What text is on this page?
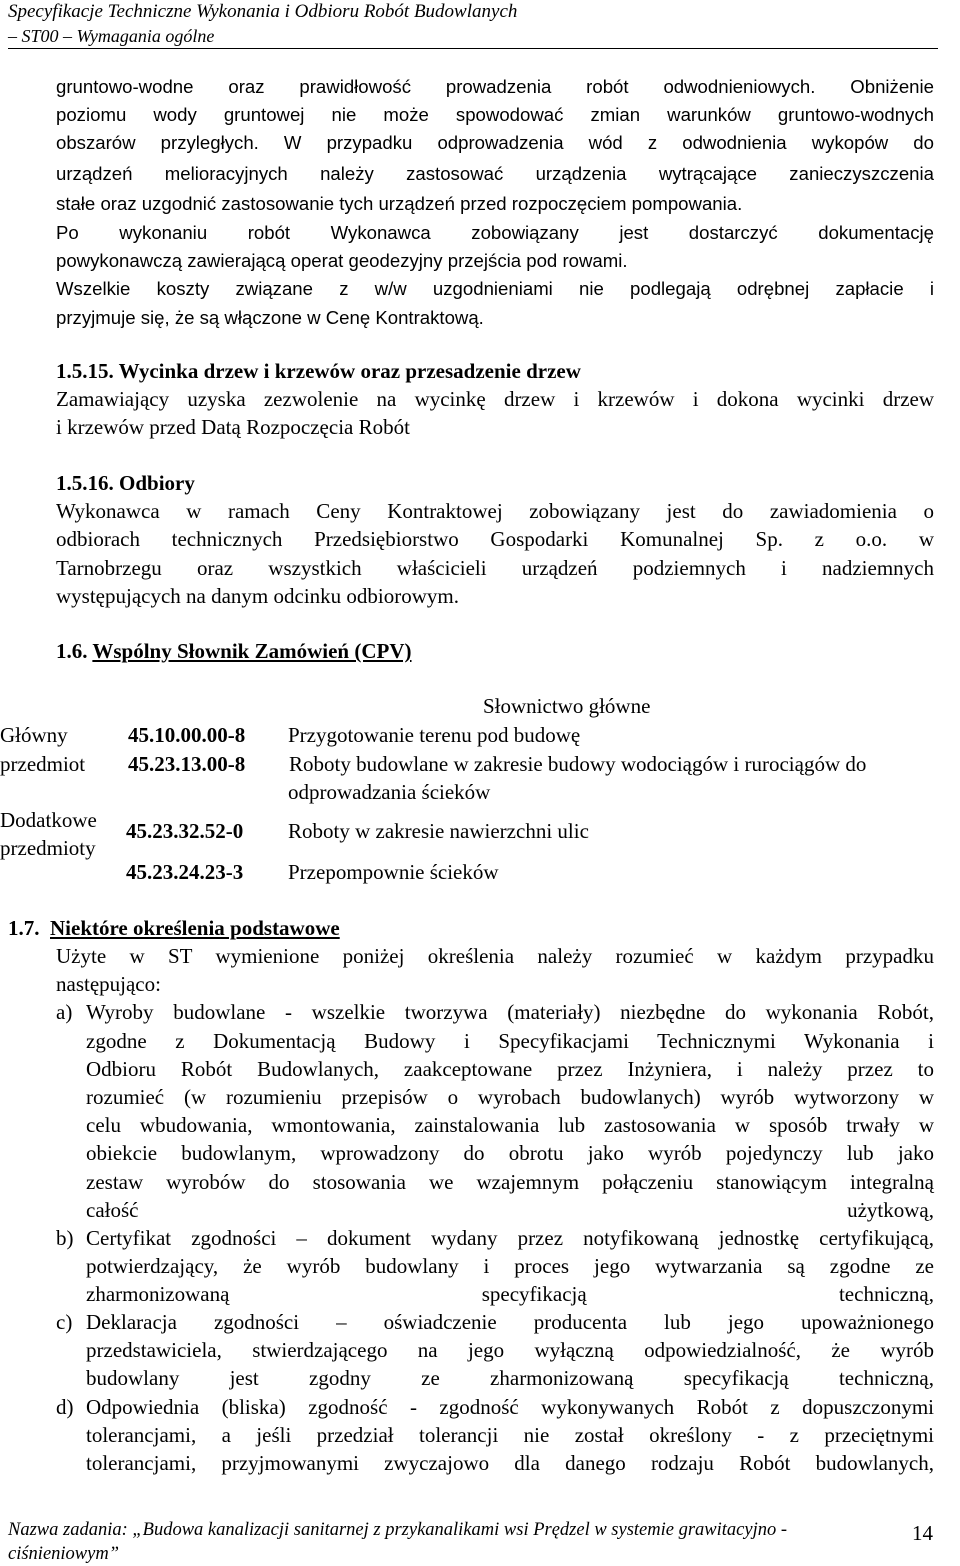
Specyfikacje Techniczne Wykonania i Odbioru Robót Budowlanych
– ST00 – Wymagania ogólne
gruntowo-wodne oraz prawidłowość prowadzenia robót odwodnieniowych. Obniżenie
poziomu wody gruntowej nie może spowodować zmian warunków gruntowo-wodnych
obszarów przyległych. W przypadku odprowadzenia wód z odwodnienia wykopów do
urządzeń melioracyjnych należy zastosować urządzenia wytrącające zanieczyszczenia
stałe oraz uzgodnić zastosowanie tych urządzeń przed rozpoczęciem pompowania.
Po wykonaniu robót Wykonawca zobowiązany jest dostarczyć dokumentację
powykonawczą zawierającą operat geodezyjny przejścia pod rowami.
Wszelkie koszty związane z w/w uzgodnieniami nie podlegają odrębnej zapłacie i
przyjmuje się, że są włączone w Cenę Kontraktową.
1.5.15. Wycinka drzew i krzewów oraz przesadzenie drzew
Zamawiający uzyska zezwolenie na wycinkę drzew i krzewów i dokona wycinki drzew
i krzewów przed Datą Rozpoczęcia Robót
1.5.16. Odbiory
Wykonawca w ramach Ceny Kontraktowej zobowiązany jest do zawiadomienia o
odbiorach technicznych Przedsiębiorstwo Gospodarki Komunalnej Sp. z o.o. w
Tarnobrzegu oraz wszystkich właścicieli urządzeń podziemnych i nadziemnych
występujących na danym odcinku odbiorowym.
1.6. Wspólny Słownik Zamówień (CPV)
Słownictwo główne
Główny	45.10.00.00-8 Przygotowanie terenu pod budowę
przedmiot 45.23.13.00-8 Roboty budowlane w zakresie budowy wodociągów i rurociągów do
odprowadzania ścieków
Dodatkowe
przedmioty
45.23.32.52-0 Roboty w zakresie nawierzchni ulic
45.23.24.23-3 Przepompownie ścieków
1.7. Niektóre określenia podstawowe
Użyte w ST wymienione poniżej określenia należy rozumieć w każdym przypadku
następująco:
a) Wyroby budowlane - wszelkie tworzywa (materiały) niezbędne do wykonania Robót,
zgodne z Dokumentacją Budowy i Specyfikacjami Technicznymi Wykonania i
Odbioru Robót Budowlanych, zaakceptowane przez Inżyniera, i należy przez to
rozumieć (w rozumieniu przepisów o wyrobach budowlanych) wyrób wytworzony w
celu wbudowania, wmontowania, zainstalowania lub zastosowania w sposób trwały w
obiekcie budowlanym, wprowadzony do obrotu jako wyrób pojedynczy lub jako
zestaw wyrobów do stosowania we wzajemnym połączeniu stanowiącym integralną
całość użytkową,
b) Certyfikat zgodności – dokument wydany przez notyfikowaną jednostkę certyfikującą,
potwierdzający, że wyrób budowlany i proces jego wytwarzania są zgodne ze
zharmonizowaną specyfikacją techniczną,
c) Deklaracja zgodności – oświadczenie producenta lub jego upoważnionego
przedstawiciela, stwierdzającego na jego wyłączną odpowiedzialność, że wyrób
budowlany jest zgodny ze zharmonizowaną specyfikacją techniczną,
d) Odpowiednia (bliska) zgodność - zgodność wykonywanych Robót z dopuszczonymi
tolerancjami, a jeśli przedział tolerancji nie został określony - z przeciętnymi
tolerancjami, przyjmowanymi zwyczajowo dla danego rodzaju Robót budowlanych,
Nazwa zadania: „Budowa kanalizacji sanitarnej z przykanalikami wsi Prędzel w systemie grawitacyjno -
ciśnieniowym”
14
